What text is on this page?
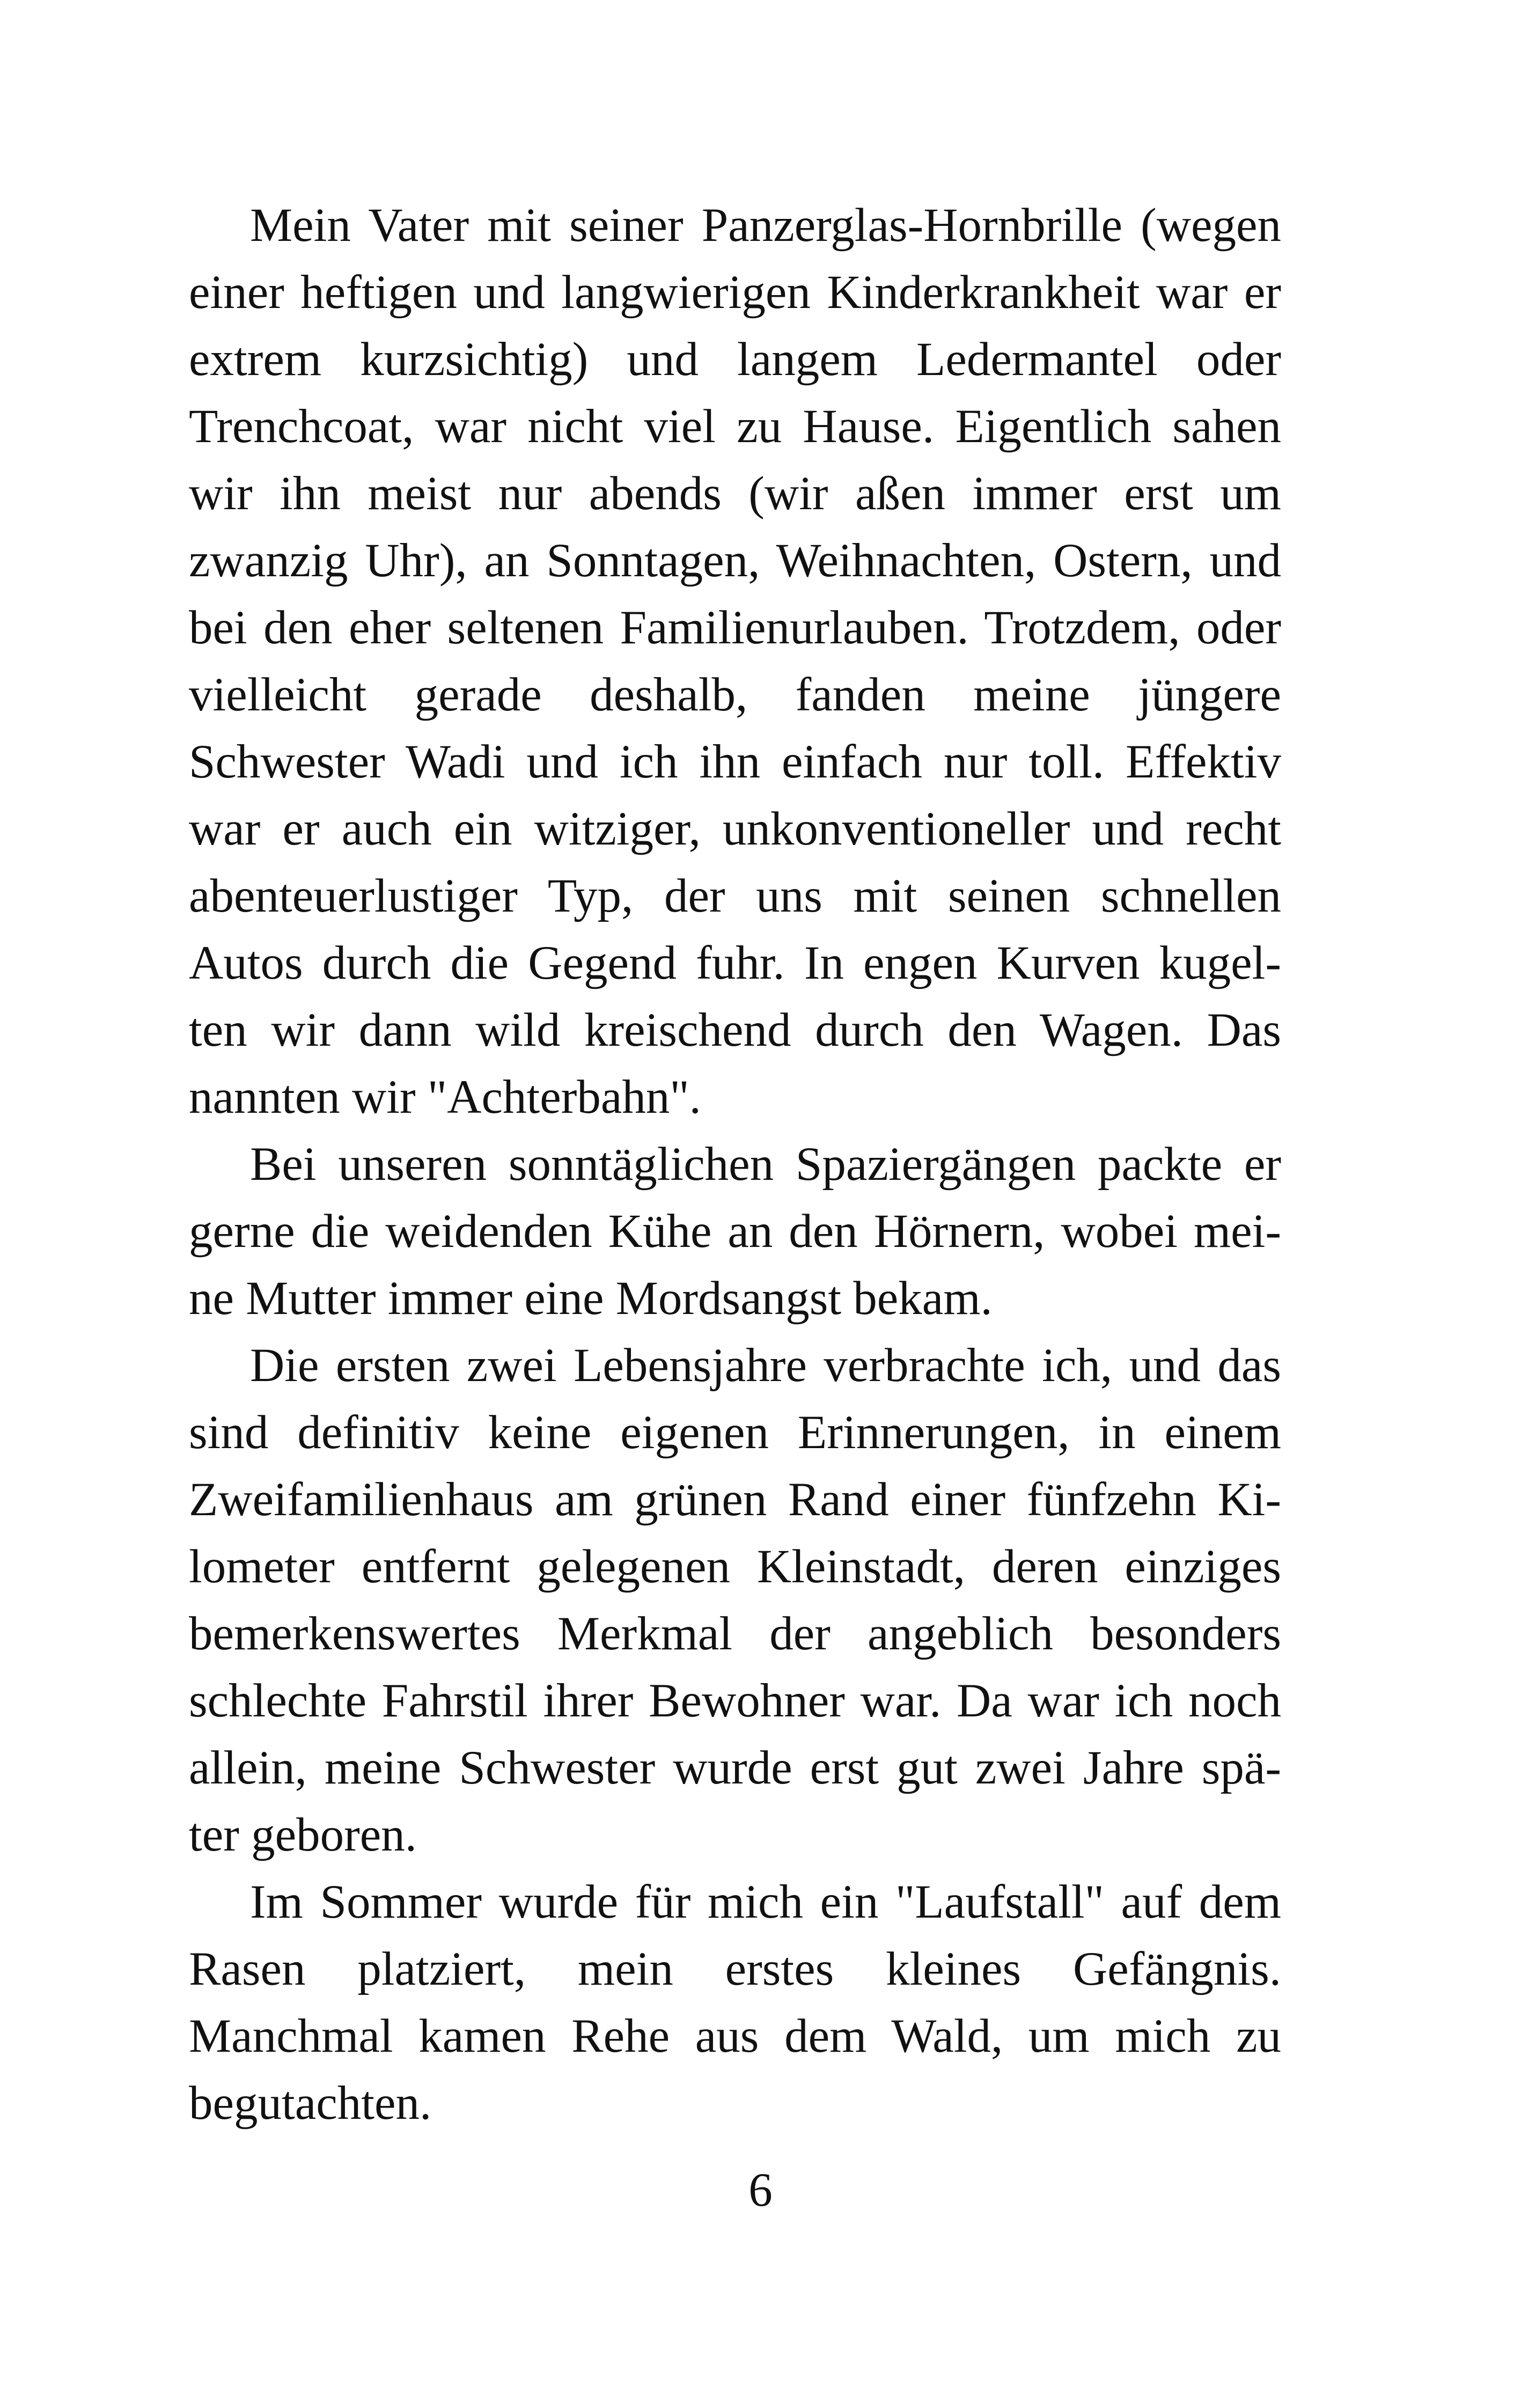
Mein Vater mit seiner Panzerglas-Hornbrille (wegen
einer heftigen und langwierigen Kinderkrankheit war er
extrem kurzsichtig) und langem Ledermantel oder
Trenchcoat, war nicht viel zu Hause. Eigentlich sahen
wir ihn meist nur abends (wir aßen immer erst um
zwanzig Uhr), an Sonntagen, Weihnachten, Ostern, und
bei den eher seltenen Familienurlauben. Trotzdem, oder
vielleicht gerade deshalb, fanden meine jüngere
Schwester Wadi und ich ihn einfach nur toll. Effektiv
war er auch ein witziger, unkonventioneller und recht
abenteuerlustiger Typ, der uns mit seinen schnellen
Autos durch die Gegend fuhr. In engen Kurven kugel-
ten wir dann wild kreischend durch den Wagen. Das
nannten wir "Achterbahn".

Bei unseren sonntäglichen Spaziergängen packte er
gerne die weidenden Kühe an den Hörnern, wobei mei-
ne Mutter immer eine Mordsangst bekam.

Die ersten zwei Lebensjahre verbrachte ich, und das
sind definitiv keine eigenen Erinnerungen, in einem
Zweifamilienhaus am grünen Rand einer fünfzehn Ki-
lometer entfernt gelegenen Kleinstadt, deren einziges
bemerkenswertes Merkmal der angeblich besonders
schlechte Fahrstil ihrer Bewohner war. Da war ich noch
allein, meine Schwester wurde erst gut zwei Jahre spä-
ter geboren.

Im Sommer wurde für mich ein "Laufstall" auf dem
Rasen platziert, mein erstes kleines Gefängnis.
Manchmal kamen Rehe aus dem Wald, um mich zu
begutachten.

6
